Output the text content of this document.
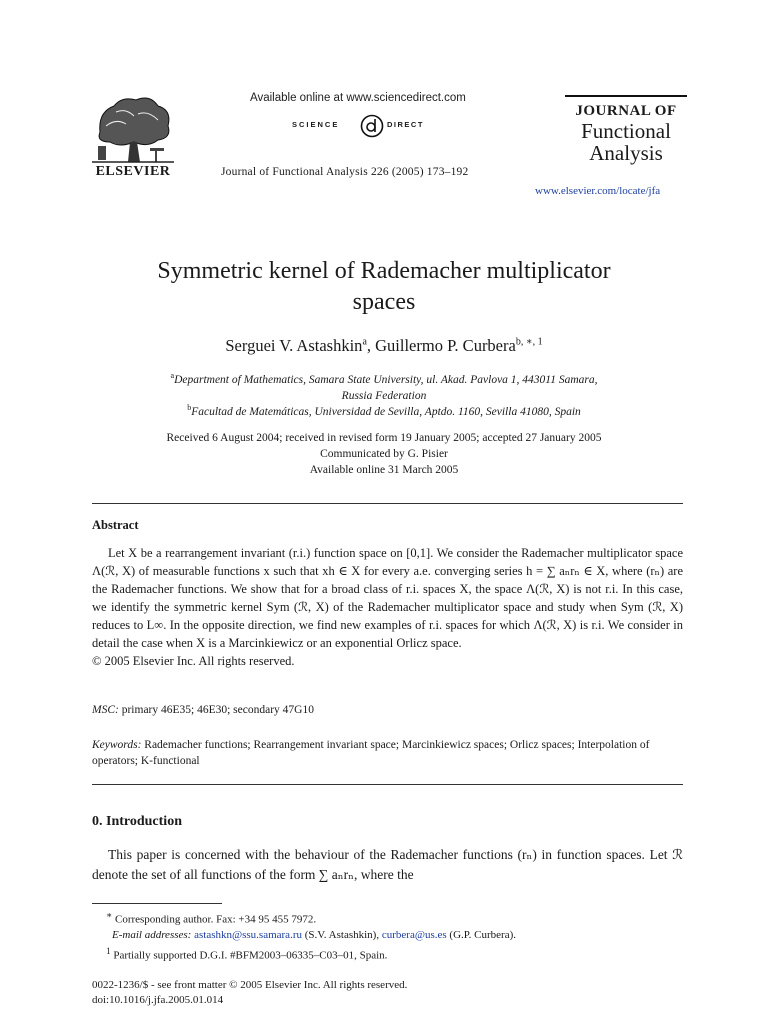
ELSEVIER
Available online at www.sciencedirect.com
SCIENCE	DIRECT
Journal of Functional Analysis 226 (2005) 173–192
JOURNAL OF
Functional
Analysis
www.elsevier.com/locate/jfa
Symmetric kernel of Rademacher multiplicator
spaces
Serguei V. Astashkin$^a$, Guillermo P. Curbera$^{b, ∗, 1}$
$^a$Department of Mathematics, Samara State University, ul. Akad. Pavlova 1, 443011 Samara,
Russia Federation
$^b$Facultad de Matemáticas, Universidad de Sevilla, Aptdo. 1160, Sevilla 41080, Spain
Received 6 August 2004; received in revised form 19 January 2005; accepted 27 January 2005
Communicated by G. Pisier
Available online 31 March 2005
Abstract
Let X be a rearrangement invariant (r.i.) function space on [0,1]. We consider the Rademacher multiplicator space Λ(ℛ, X) of measurable functions x such that xh ∈ X for every a.e. converging series h = ∑ aₙrₙ ∈ X, where (rₙ) are the Rademacher functions. We show that for a broad class of r.i. spaces X, the space Λ(ℛ, X) is not r.i. In this case, we identify the symmetric kernel Sym (ℛ, X) of the Rademacher multiplicator space and study when Sym (ℛ, X) reduces to L∞. In the opposite direction, we find new examples of r.i. spaces for which Λ(ℛ, X) is r.i. We consider in detail the case when X is a Marcinkiewicz or an exponential Orlicz space.
© 2005 Elsevier Inc. All rights reserved.
MSC: primary 46E35; 46E30; secondary 47G10
Keywords: Rademacher functions; Rearrangement invariant space; Marcinkiewicz spaces; Orlicz spaces; Interpolation of operators; K-functional
0. Introduction
This paper is concerned with the behaviour of the Rademacher functions (rₙ) in function spaces. Let ℛ denote the set of all functions of the form ∑ aₙrₙ, where the
∗ Corresponding author. Fax: +34 95 455 7972.
E-mail addresses: astashkn@ssu.samara.ru (S.V. Astashkin), curbera@us.es (G.P. Curbera).
$^1$ Partially supported D.G.I. #BFM2003–06335–C03–01, Spain.
0022-1236/$ - see front matter © 2005 Elsevier Inc. All rights reserved.
doi:10.1016/j.jfa.2005.01.014
